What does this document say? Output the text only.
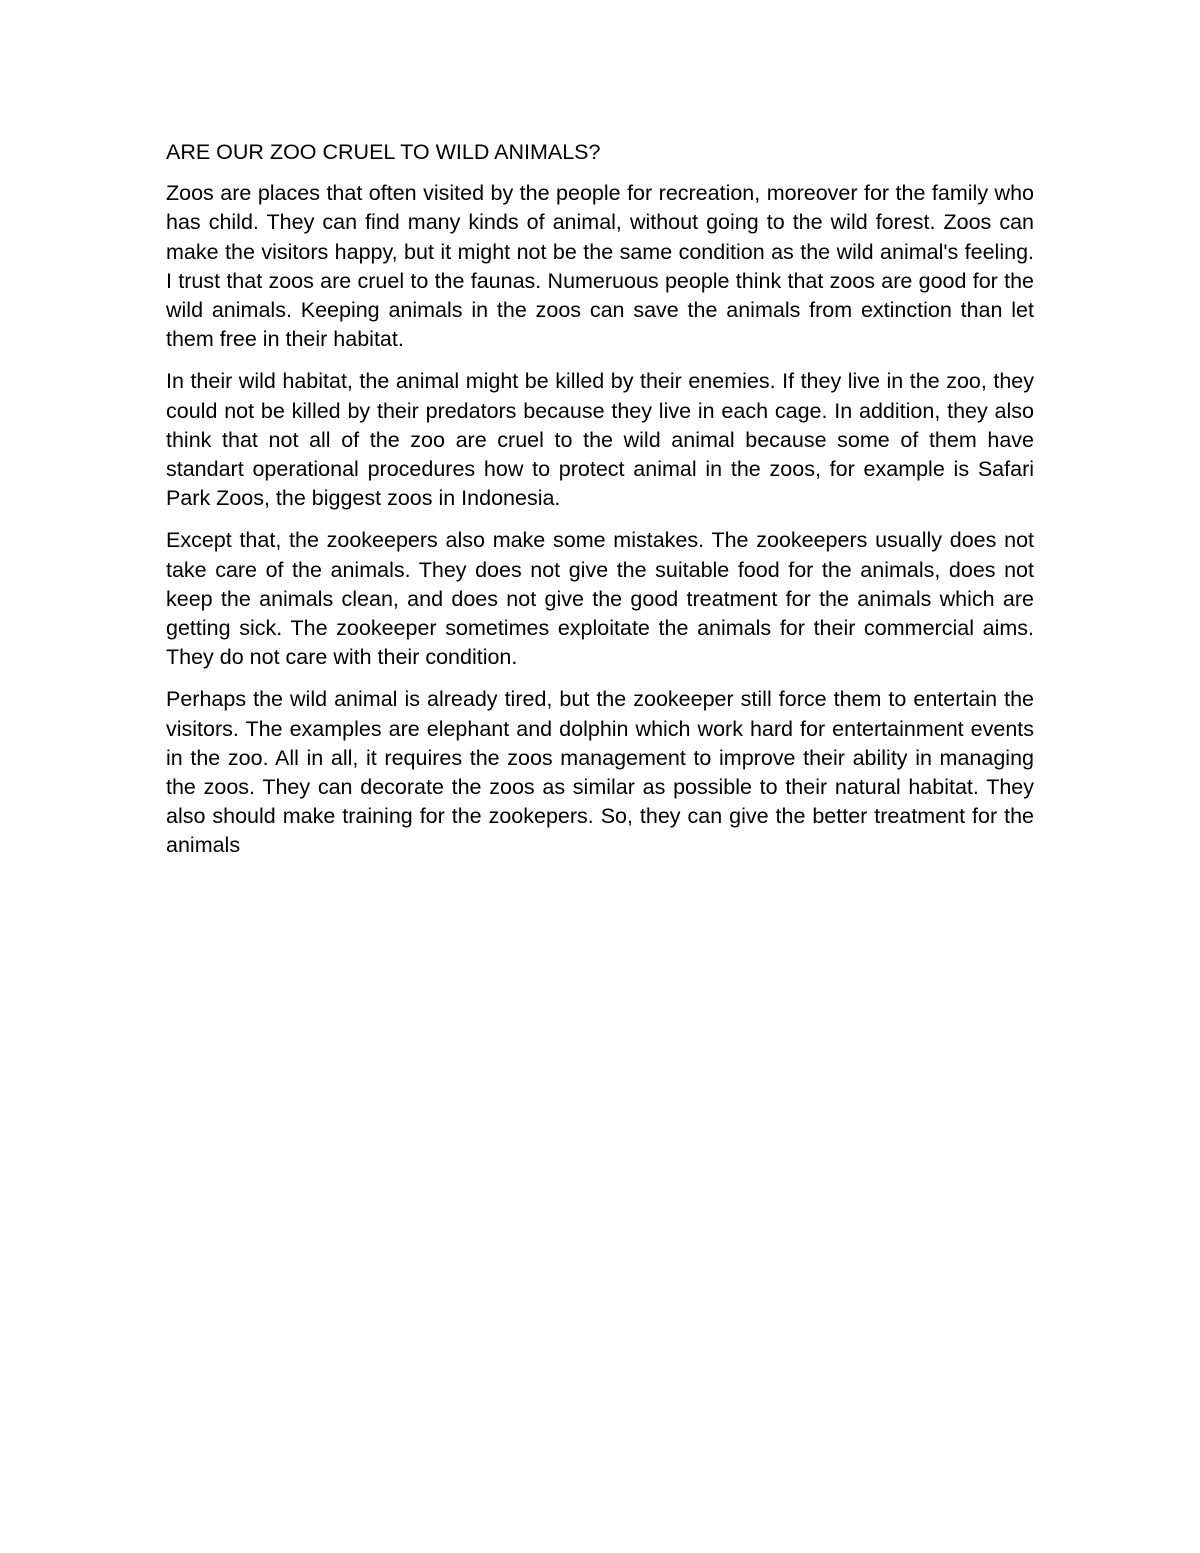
ARE OUR ZOO CRUEL TO WILD ANIMALS?

Zoos are places that often visited by the people for recreation, moreover for the family who has child. They can find many kinds of animal, without going to the wild forest. Zoos can make the visitors happy, but it might not be the same condition as the wild animal's feeling. I trust that zoos are cruel to the faunas. Numeruous people think that zoos are good for the wild animals. Keeping animals in the zoos can save the animals from extinction than let them free in their habitat.

In their wild habitat, the animal might be killed by their enemies. If they live in the zoo, they could not be killed by their predators because they live in each cage. In addition, they also think that not all of the zoo are cruel to the wild animal because some of them have standart operational procedures how to protect animal in the zoos, for example is Safari Park Zoos, the biggest zoos in Indonesia.

Except that, the zookeepers also make some mistakes. The zookeepers usually does not take care of the animals. They does not give the suitable food for the animals, does not keep the animals clean, and does not give the good treatment for the animals which are getting sick. The zookeeper sometimes exploitate the animals for their commercial aims. They do not care with their condition.

Perhaps the wild animal is already tired, but the zookeeper still force them to entertain the visitors. The examples are elephant and dolphin which work hard for entertainment events in the zoo. All in all, it requires the zoos management to improve their ability in managing the zoos. They can decorate the zoos as similar as possible to their natural habitat. They also should make training for the zookepers. So, they can give the better treatment for the animals
